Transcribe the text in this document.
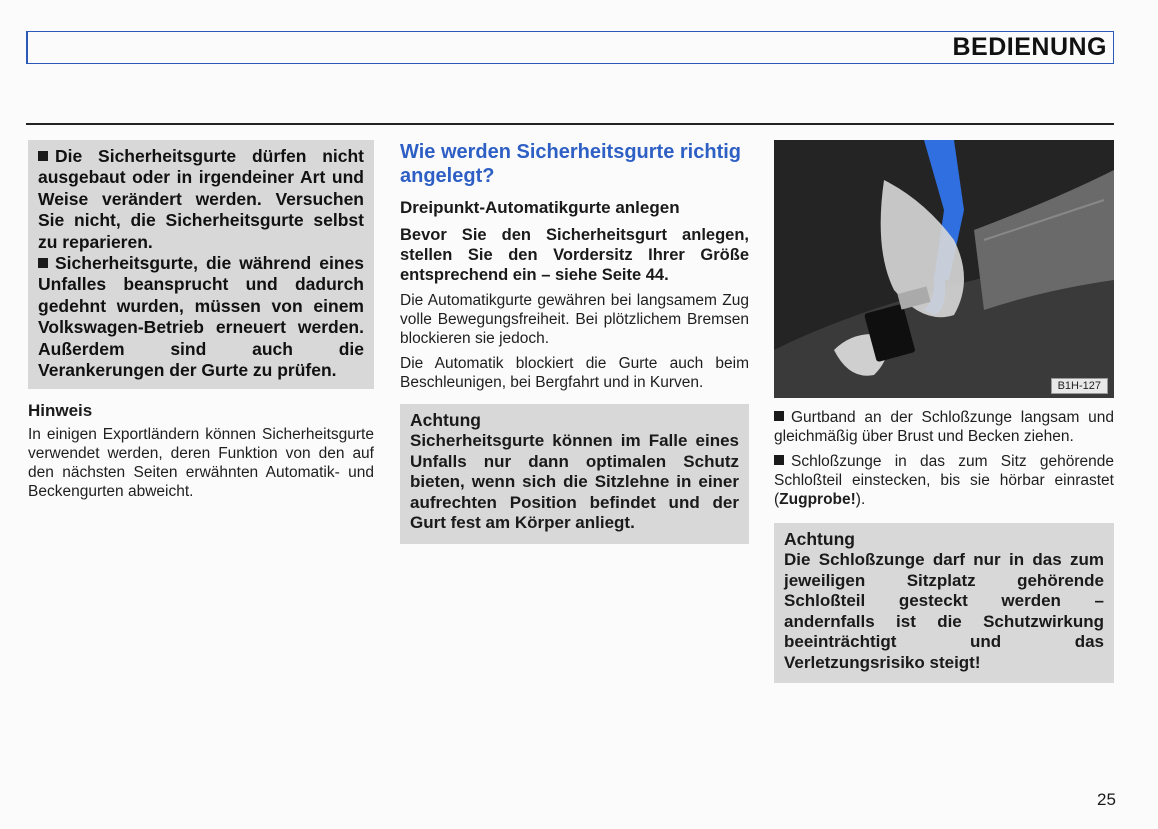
BEDIENUNG

Die Sicherheitsgurte dürfen nicht ausgebaut oder in irgendeiner Art und Weise verändert werden. Versuchen Sie nicht, die Sicherheitsgurte selbst zu reparieren.

Sicherheitsgurte, die während eines Unfalles beansprucht und dadurch gedehnt wurden, müssen von einem Volkswagen-Betrieb erneuert werden. Außerdem sind auch die Verankerungen der Gurte zu prüfen.

Hinweis
In einigen Exportländern können Sicherheitsgurte verwendet werden, deren Funktion von den auf den nächsten Seiten erwähnten Automatik- und Beckengurten abweicht.
Wie werden Sicherheitsgurte richtig angelegt?
Dreipunkt-Automatikgurte anlegen
Bevor Sie den Sicherheitsgurt anlegen, stellen Sie den Vordersitz Ihrer Größe entsprechend ein – siehe Seite 44.
Die Automatikgurte gewähren bei langsamem Zug volle Bewegungsfreiheit. Bei plötzlichem Bremsen blockieren sie jedoch.
Die Automatik blockiert die Gurte auch beim Beschleunigen, bei Bergfahrt und in Kurven.
Achtung
Sicherheitsgurte können im Falle eines Unfalls nur dann optimalen Schutz bieten, wenn sich die Sitzlehne in einer aufrechten Position befindet und der Gurt fest am Körper anliegt.
B1H-127
Gurtband an der Schloßzunge langsam und gleichmäßig über Brust und Becken ziehen.
Schloßzunge in das zum Sitz gehörende Schloßteil einstecken, bis sie hörbar einrastet (Zugprobe!).
Achtung
Die Schloßzunge darf nur in das zum jeweiligen Sitzplatz gehörende Schloßteil gesteckt werden – andernfalls ist die Schutzwirkung beeinträchtigt und das Verletzungsrisiko steigt!
25
